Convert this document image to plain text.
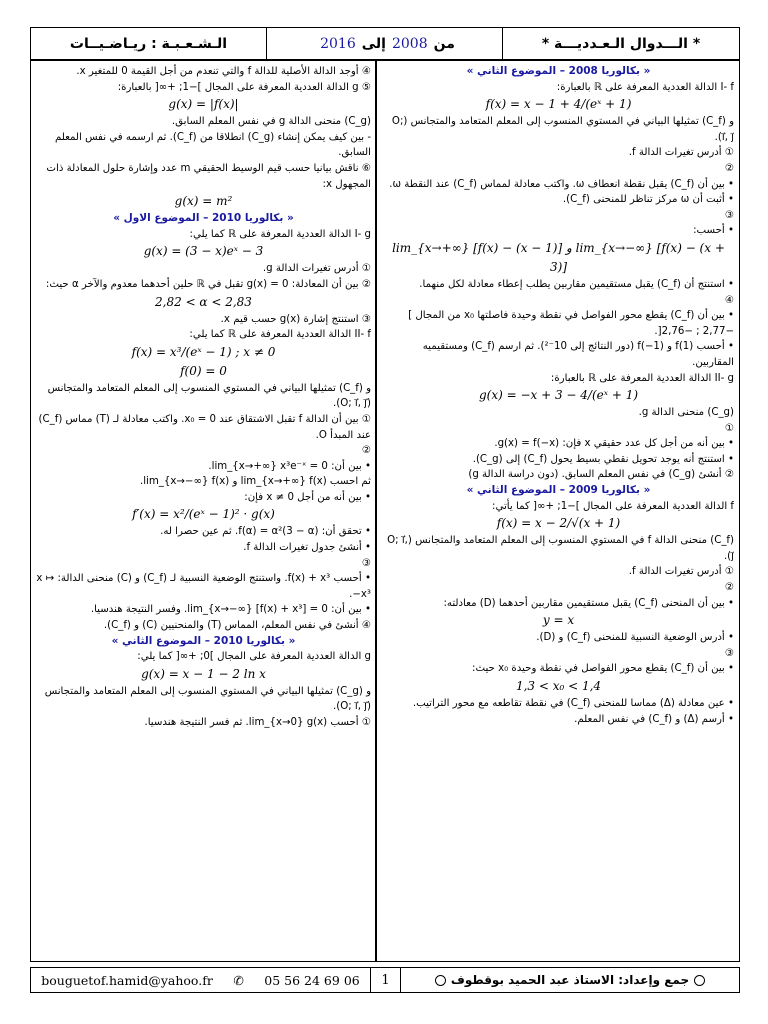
* الـــدوال الـعـدديـــة *
من
2008
إلى
2016
الـشـعـبـة : ريـاضـيــات
« بكالوريا 2008 – الموضوع الثاني »
I- f الدالة العددية المعرفة على ℝ بالعبارة:
f(x) = x − 1 + 4/(eˣ + 1)
و (C_f) تمثيلها البياني في المستوي المنسوب إلى المعلم المتعامد والمتجانس (O; i⃗, j⃗).
① أدرس تغيرات الدالة f.
②
• بين أن (C_f) يقبل نقطة انعطاف ω. واكتب معادلة لمماس (C_f) عند النقطة ω.
• أثبت أن ω مركز تناظر للمنحنى (C_f).
③
• أحسب:
lim_{x→+∞} [f(x) − (x − 1)] و lim_{x→−∞} [f(x) − (x + 3)]
• استنتج أن (C_f) يقبل مستقيمين مقاربين يطلب إعطاء معادلة لكل منهما.
④
• بين أن (C_f) يقطع محور الفواصل في نقطة وحيدة فاصلتها x₀ من المجال ]−2,77 ; −2,76[.
• أحسب f(1) و f(−1) (دور النتائج إلى 10⁻²). ثم ارسم (C_f) ومستقيميه المقاربين.
II- g الدالة العددية المعرفة على ℝ بالعبارة:
g(x) = −x + 3 − 4/(eˣ + 1)
(C_g) منحنى الدالة g.
①
• بين أنه من أجل كل عدد حقيقي x فإن: g(x) = f(−x).
• استنتج أنه يوجد تحويل نقطي بسيط يحول (C_f) إلى (C_g).
② أنشئ (C_g) في نفس المعلم السابق. (دون دراسة الدالة g)
« بكالوريا 2009 – الموضوع الثاني »
f الدالة العددية المعرفة على المجال ]−1; +∞[ كما يأتي:
f(x) = x − 2/√(x + 1)
(C_f) منحنى الدالة f في المستوي المنسوب إلى المعلم المتعامد والمتجانس (O; i⃗, j⃗).
① أدرس تغيرات الدالة f.
②
• بين أن المنحنى (C_f) يقبل مستقيمين مقاربين أحدهما (D) معادلته:
y = x
• أدرس الوضعية النسبية للمنحنى (C_f) و (D).
③
• بين أن (C_f) يقطع محور الفواصل في نقطة وحيدة x₀ حيث:
1,3 < x₀ < 1,4
• عين معادلة (Δ) مماسا للمنحنى (C_f) في نقطة تقاطعه مع محور التراتيب.
• أرسم (Δ) و (C_f) في نفس المعلم.
④ أوجد الدالة الأصلية للدالة f والتي تنعدم من أجل القيمة 0 للمتغير x.
⑤ g الدالة العددية المعرفة على المجال ]−1; +∞[ بالعبارة:
g(x) = |f(x)|
(C_g) منحنى الدالة g في نفس المعلم السابق.
- بين كيف يمكن إنشاء (C_g) انطلاقا من (C_f). ثم ارسمه في نفس المعلم السابق.
⑥ ناقش بيانيا حسب قيم الوسيط الحقيقي m عدد وإشارة حلول المعادلة ذات المجهول x:
g(x) = m²
« بكالوريا 2010 – الموضوع الاول »
I- g الدالة العددية المعرفة على ℝ كما يلي:
g(x) = (3 − x)eˣ − 3
① أدرس تغيرات الدالة g.
② بين أن المعادلة: g(x) = 0 تقبل في ℝ حلين أحدهما معدوم والآخر α حيث:
2,82 < α < 2,83
③ استنتج إشارة g(x) حسب قيم x.
II- f الدالة العددية المعرفة على ℝ كما يلي:
f(x) = x³/(eˣ − 1) ; x ≠ 0
f(0) = 0
و (C_f) تمثيلها البياني في المستوي المنسوب إلى المعلم المتعامد والمتجانس (O; i⃗, j⃗).
① بين أن الدالة f تقبل الاشتقاق عند x₀ = 0. واكتب معادلة لـ (T) مماس (C_f) عند المبدأ O.
②
• بين أن: lim_{x→+∞} x³e⁻ˣ = 0.
ثم احسب lim_{x→+∞} f(x) و lim_{x→−∞} f(x).
• بين أنه من أجل x ≠ 0 فإن:
f′(x) = x²/(eˣ − 1)² · g(x)
• تحقق أن: f(α) = α²(3 − α). ثم عين حصرا له.
• أنشئ جدول تغيرات الدالة f.
③
• أحسب f(x) + x³. واستنتج الوضعية النسبية لـ (C_f) و (C) منحنى الدالة: x ↦ −x³.
• بين أن: lim_{x→−∞} [f(x) + x³] = 0. وفسر النتيجة هندسيا.
④ أنشئ في نفس المعلم، المماس (T) والمنحنيين (C) و (C_f).
« بكالوريا 2010 – الموضوع الثاني »
g الدالة العددية المعرفة على المجال ]0; +∞[ كما يلي:
g(x) = x − 1 − 2 ln x
و (C_g) تمثيلها البياني في المستوي المنسوب إلى المعلم المتعامد والمتجانس (O; i⃗, j⃗).
① أحسب lim_{x→0} g(x). ثم فسر النتيجة هندسيا.
bouguetof.hamid@yahoo.fr ✆ 05 56 24 69 06	1	جمع وإعداد: الاستاذ عبد الحميد بوقطوف
